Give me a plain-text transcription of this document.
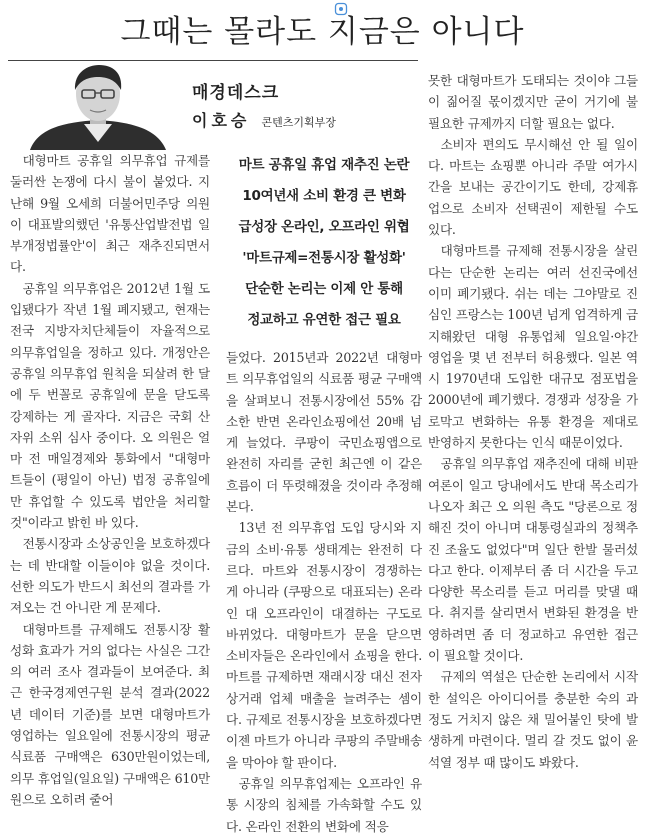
그때는 몰라도 지금은 아니다
매경데스크
이호승 콘텐츠기획부장

대형마트 공휴일 의무휴업 규제를 둘러싼 논쟁에 다시 불이 붙었다. 지난해 9월 오세희 더불어민주당 의원이 대표발의했던 '유통산업발전법 일부개정법률안'이 최근 재추진되면서다.

공휴일 의무휴업은 2012년 1월 도입됐다가 작년 1월 폐지됐고, 현재는 전국 지방자치단체들이 자율적으로 의무휴업일을 정하고 있다. 개정안은 공휴일 의무휴업 원칙을 되살려 한 달에 두 번꼴로 공휴일에 문을 닫도록 강제하는 게 골자다. 지금은 국회 산자위 소위 심사 중이다. 오 의원은 얼마 전 매일경제와 통화에서 "대형마트들이 (평일이 아닌) 법정 공휴일에만 휴업할 수 있도록 법안을 처리할 것"이라고 밝힌 바 있다.

전통시장과 소상공인을 보호하겠다는 데 반대할 이들이야 없을 것이다. 선한 의도가 반드시 최선의 결과를 가져오는 건 아니란 게 문제다.

대형마트를 규제해도 전통시장 활성화 효과가 거의 없다는 사실은 그간의 여러 조사 결과들이 보여준다. 최근 한국경제연구원 분석 결과(2022년 데이터 기준)를 보면 대형마트가 영업하는 일요일에 전통시장의 평균 식료품 구매액은 630만원이었는데, 의무 휴업일(일요일) 구매액은 610만원으로 오히려 줄어

마트 공휴일 휴업 재추진 논란
10여년새 소비 환경 큰 변화
급성장 온라인, 오프라인 위협
'마트규제=전통시장 활성화'
단순한 논리는 이제 안 통해
정교하고 유연한 접근 필요

들었다. 2015년과 2022년 대형마트 의무휴업일의 식료품 평균 구매액을 살펴보니 전통시장에선 55% 감소한 반면 온라인쇼핑에선 20배 넘게 늘었다. 쿠팡이 국민쇼핑앱으로 완전히 자리를 굳힌 최근엔 이 같은 흐름이 더 뚜렷해졌을 것이라 추정해본다.

13년 전 의무휴업 도입 당시와 지금의 소비·유통 생태계는 완전히 다르다. 마트와 전통시장이 경쟁하는 게 아니라 (쿠팡으로 대표되는) 온라인 대 오프라인이 대결하는 구도로 바뀌었다. 대형마트가 문을 닫으면 소비자들은 온라인에서 쇼핑을 한다. 마트를 규제하면 재래시장 대신 전자상거래 업체 매출을 늘려주는 셈이다. 규제로 전통시장을 보호하겠다면 이젠 마트가 아니라 쿠팡의 주말배송을 막아야 할 판이다.

공휴일 의무휴업제는 오프라인 유통 시장의 침체를 가속화할 수도 있다. 온라인 전환의 변화에 적응

못한 대형마트가 도태되는 것이야 그들이 짊어질 몫이겠지만 굳이 거기에 불필요한 규제까지 더할 필요는 없다.

소비자 편의도 무시해선 안 될 일이다. 마트는 쇼핑뿐 아니라 주말 여가시간을 보내는 공간이기도 한데, 강제휴업으로 소비자 선택권이 제한될 수도 있다.

대형마트를 규제해 전통시장을 살린다는 단순한 논리는 여러 선진국에선 이미 폐기됐다. 쉬는 데는 그야말로 진심인 프랑스는 100년 넘게 엄격하게 금지해왔던 대형 유통업체 일요일·야간 영업을 몇 년 전부터 허용했다. 일본 역시 1970년대 도입한 대규모 점포법을 2000년에 폐기했다. 경쟁과 성장을 가로막고 변화하는 유통 환경을 제대로 반영하지 못한다는 인식 때문이었다.

공휴일 의무휴업 재추진에 대해 비판 여론이 일고 당내에서도 반대 목소리가 나오자 최근 오 의원 측도 "당론으로 정해진 것이 아니며 대통령실과의 정책추진 조율도 없었다"며 일단 한발 물러섰다고 한다. 이제부터 좀 더 시간을 두고 다양한 목소리를 듣고 머리를 맞댈 때다. 취지를 살리면서 변화된 환경을 반영하려면 좀 더 정교하고 유연한 접근이 필요할 것이다.

규제의 역설은 단순한 논리에서 시작한 설익은 아이디어를 충분한 숙의 과정도 거치지 않은 채 밀어붙인 탓에 발생하게 마련이다. 멀리 갈 것도 없이 윤석열 정부 때 많이도 봐왔다.
